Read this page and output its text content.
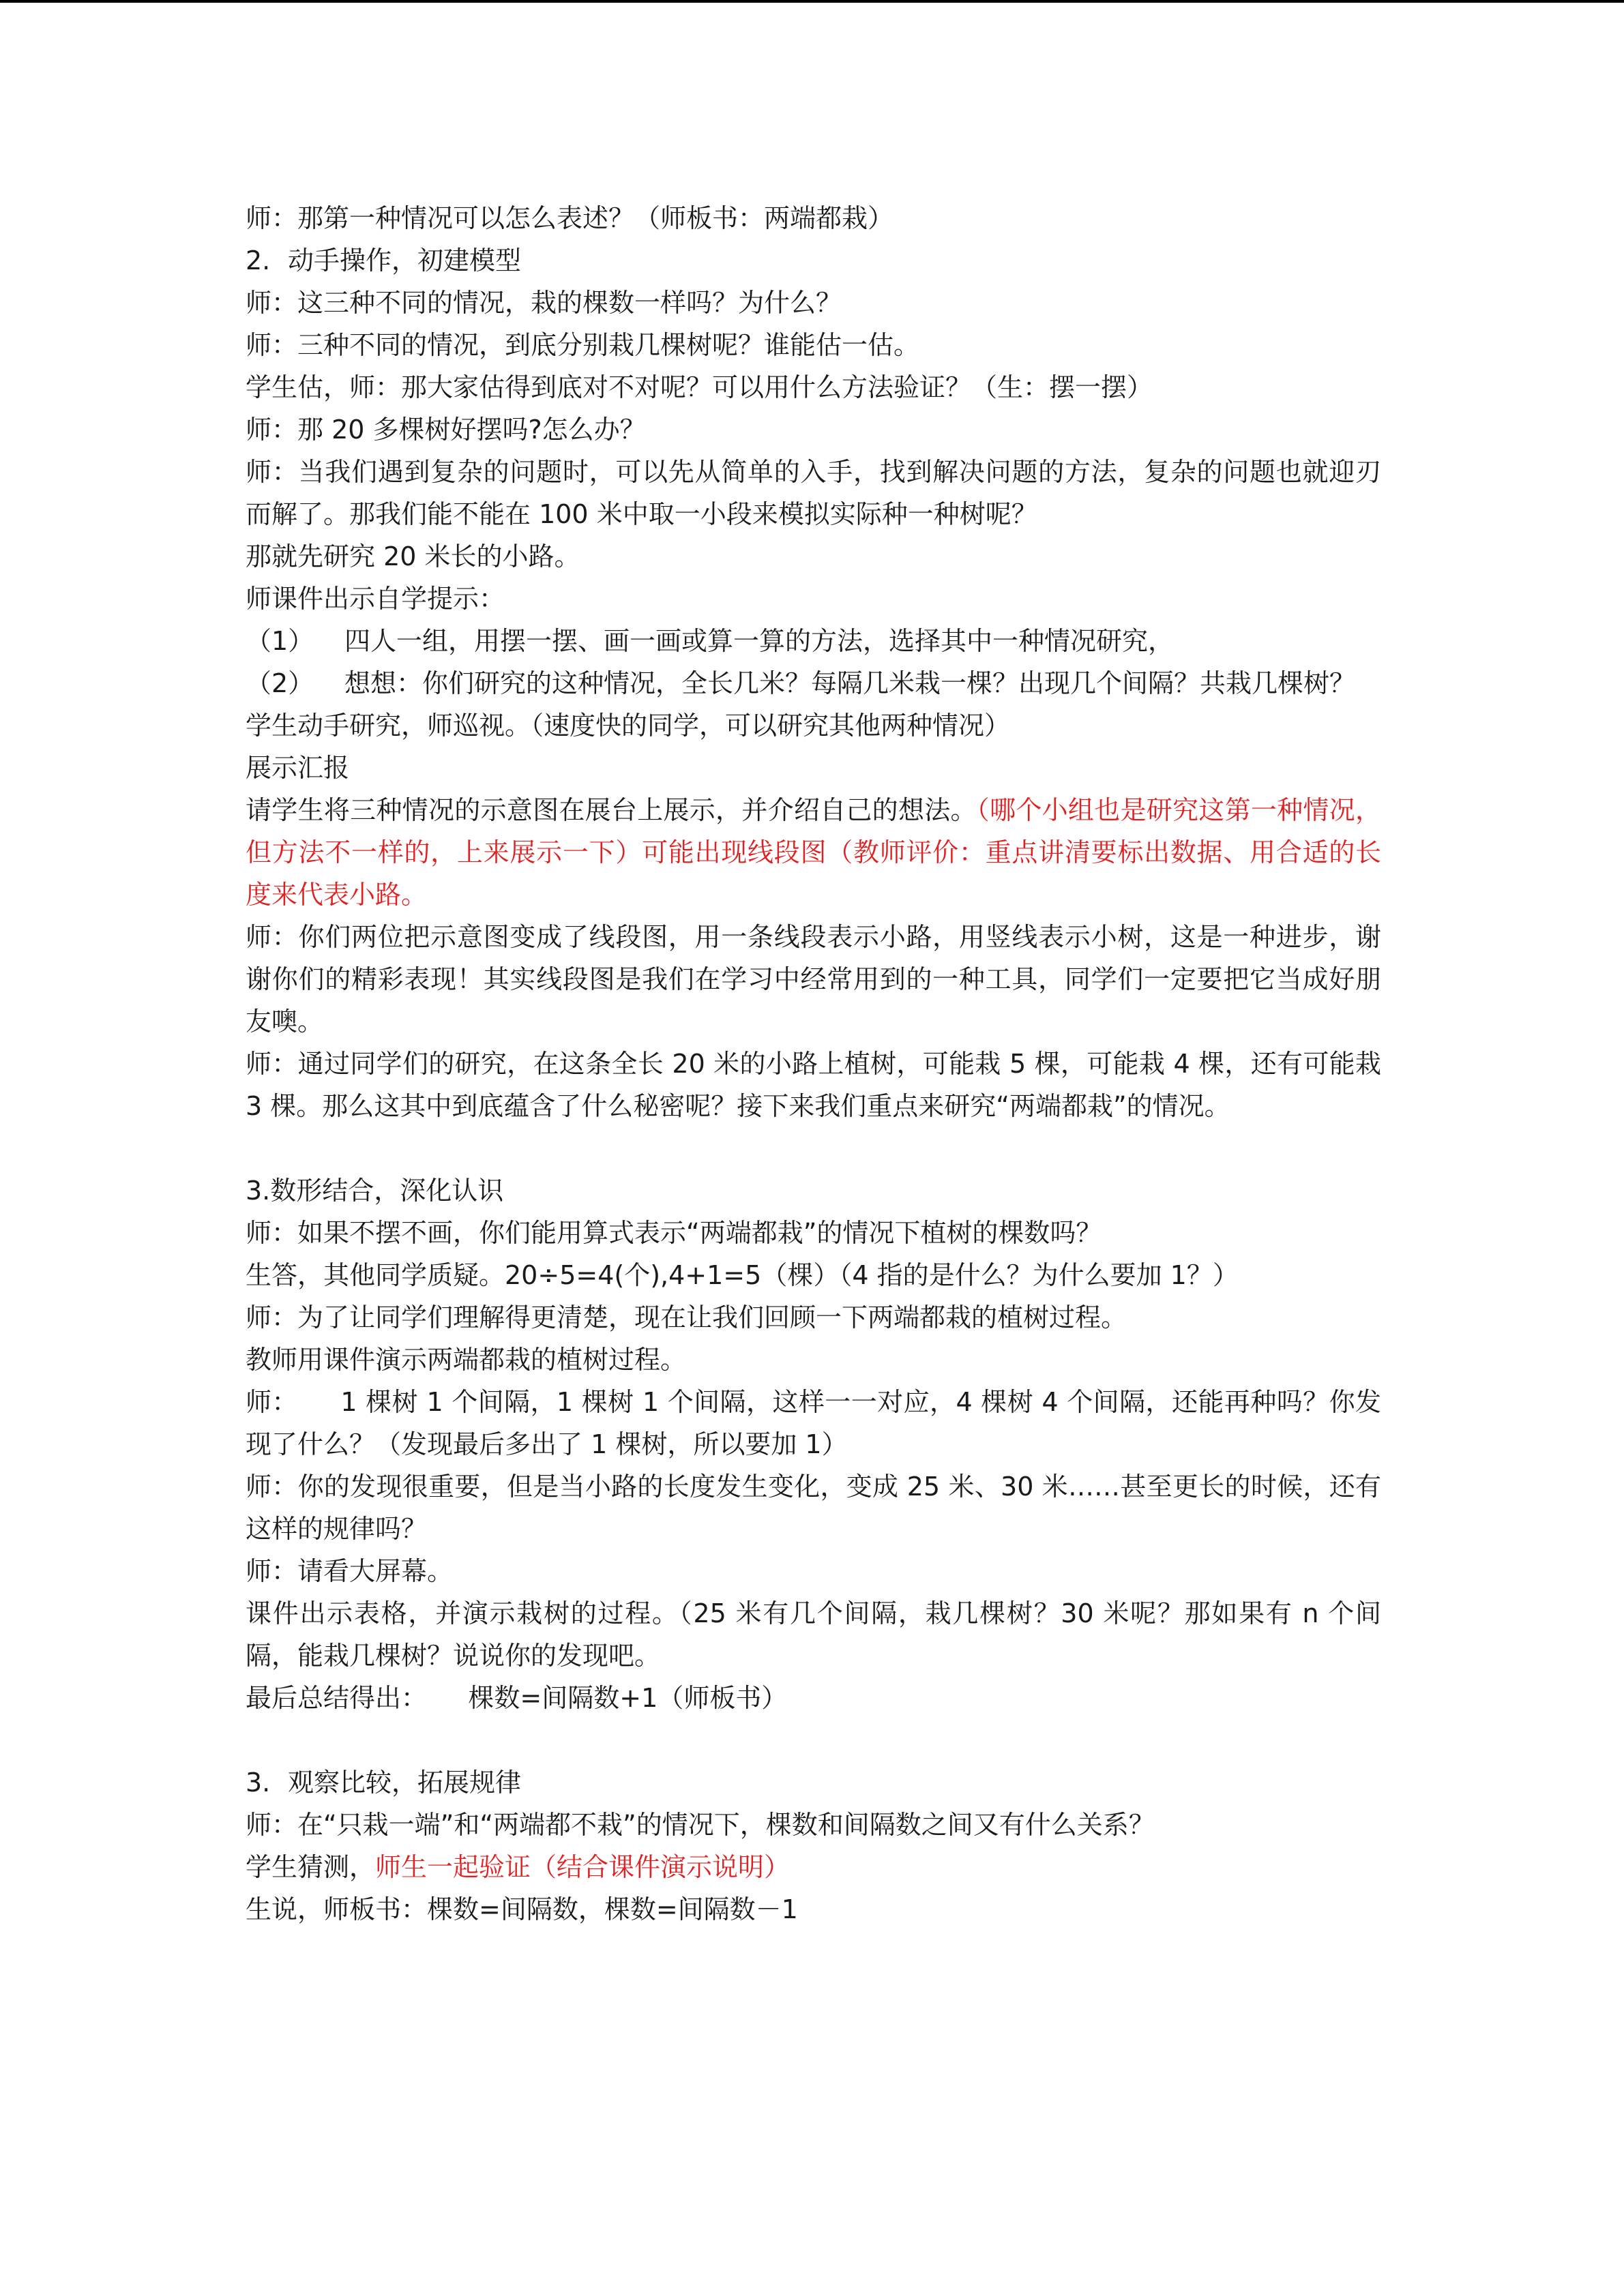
师：那第一种情况可以怎么表述？（师板书：两端都栽）
2. 动手操作，初建模型
师：这三种不同的情况，栽的棵数一样吗？为什么？
师：三种不同的情况，到底分别栽几棵树呢？谁能估一估。
学生估，师：那大家估得到底对不对呢？可以用什么方法验证？（生：摆一摆）
师：那 20 多棵树好摆吗?怎么办？
师：当我们遇到复杂的问题时，可以先从简单的入手，找到解决问题的方法，复杂的问题也就迎刃而解了。那我们能不能在 100 米中取一小段来模拟实际种一种树呢？
那就先研究 20 米长的小路。
师课件出示自学提示：
（1）	四人一组，用摆一摆、画一画或算一算的方法，选择其中一种情况研究，
（2）	想想：你们研究的这种情况，全长几米？每隔几米栽一棵？出现几个间隔？共栽几棵树？
学生动手研究，师巡视。（速度快的同学，可以研究其他两种情况）
展示汇报
请学生将三种情况的示意图在展台上展示，并介绍自己的想法。（哪个小组也是研究这第一种情况，但方法不一样的，上来展示一下）可能出现线段图（教师评价：重点讲清要标出数据、用合适的长度来代表小路。
师：你们两位把示意图变成了线段图，用一条线段表示小路，用竖线表示小树，这是一种进步，谢谢你们的精彩表现！其实线段图是我们在学习中经常用到的一种工具，同学们一定要把它当成好朋友噢。
师：通过同学们的研究，在这条全长 20 米的小路上植树，可能栽 5 棵，可能栽 4 棵，还有可能栽 3 棵。那么这其中到底蕴含了什么秘密呢？接下来我们重点来研究“两端都栽”的情况。
3.数形结合，深化认识
师：如果不摆不画，你们能用算式表示“两端都栽”的情况下植树的棵数吗？
生答，其他同学质疑。20÷5=4(个),4+1=5（棵）（4 指的是什么？为什么要加 1？）
师：为了让同学们理解得更清楚，现在让我们回顾一下两端都栽的植树过程。
教师用课件演示两端都栽的植树过程。
师：     1 棵树 1 个间隔，1 棵树 1 个间隔，这样一一对应，4 棵树 4 个间隔，还能再种吗？你发现了什么？（发现最后多出了 1 棵树，所以要加 1）
师：你的发现很重要，但是当小路的长度发生变化，变成 25 米、30 米……甚至更长的时候，还有这样的规律吗？
师：请看大屏幕。
课件出示表格，并演示栽树的过程。（25 米有几个间隔，栽几棵树？30 米呢？那如果有 n 个间隔，能栽几棵树？说说你的发现吧。
最后总结得出：     棵数=间隔数+1（师板书）
3. 观察比较，拓展规律
师：在“只栽一端”和“两端都不栽”的情况下，棵数和间隔数之间又有什么关系？
学生猜测，师生一起验证（结合课件演示说明）
生说，师板书：棵数=间隔数，棵数=间隔数－1
